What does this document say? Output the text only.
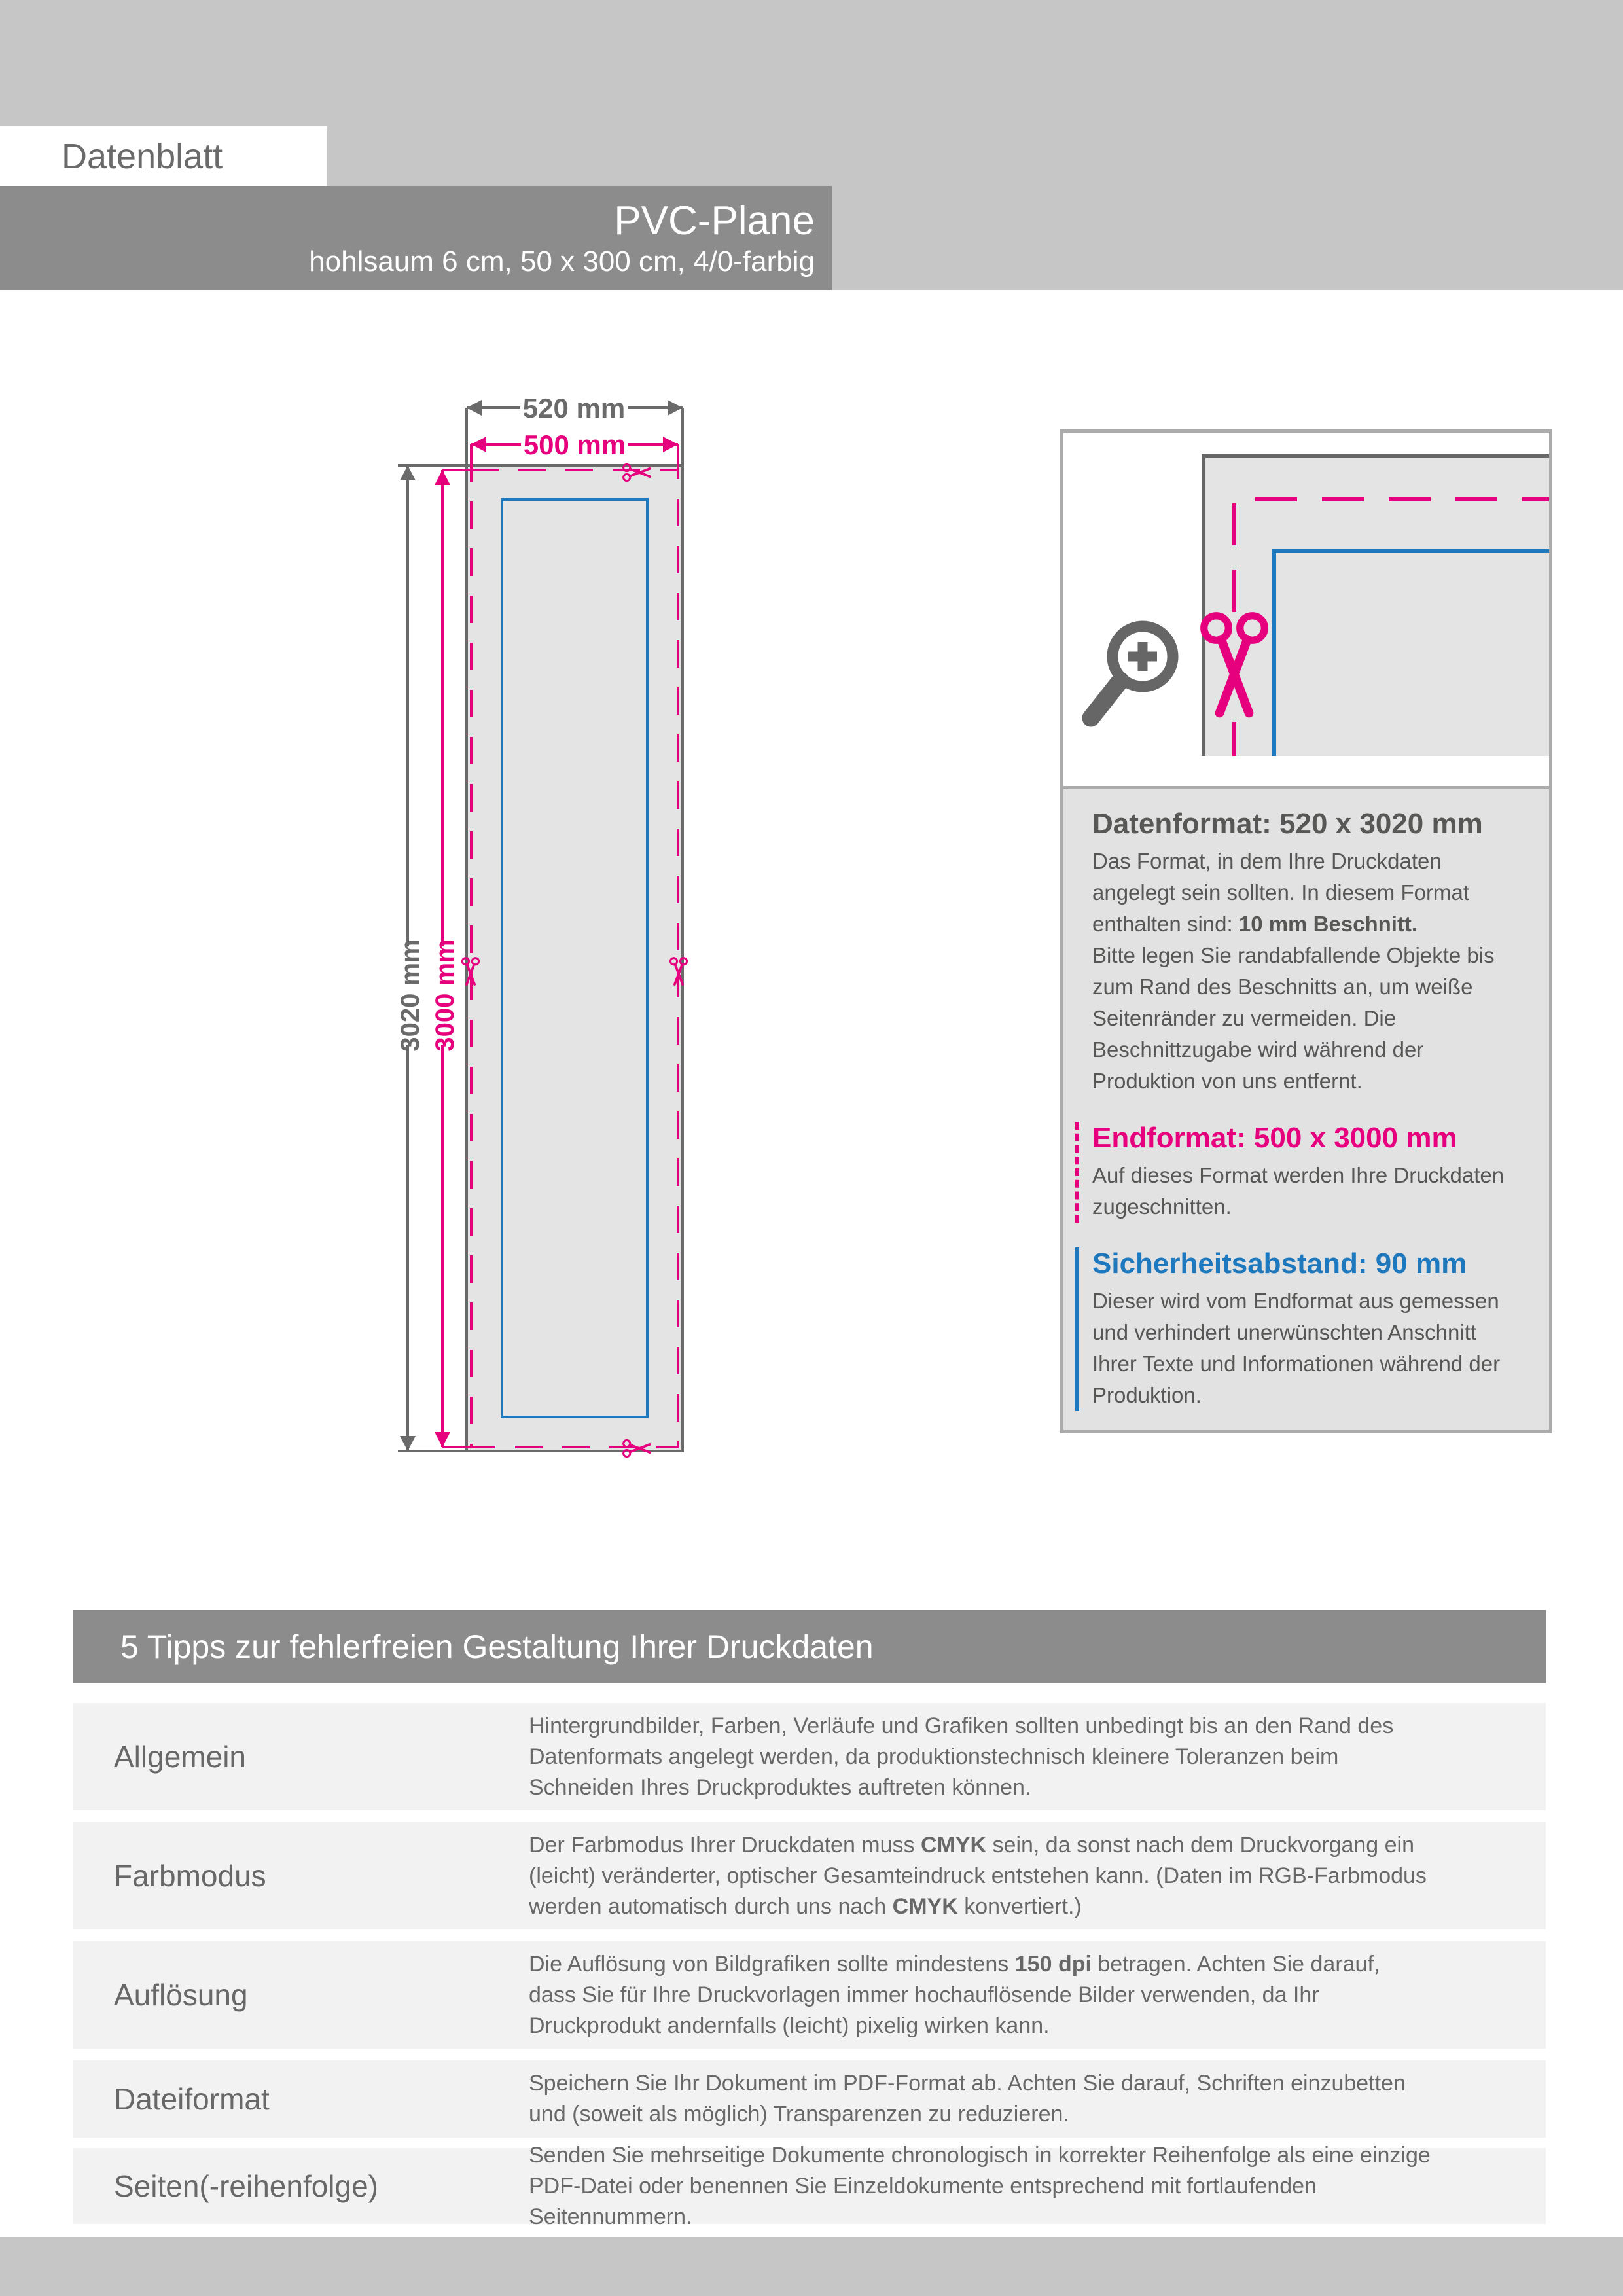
Datenblatt
PVC-Plane
hohlsaum 6 cm, 50 x 300 cm, 4/0-farbig
520 mm
500 mm
3020 mm 3000 mm
Datenformat: 520 x 3020 mm

Das Format, in dem Ihre Druckdaten angelegt sein sollten. In diesem Format enthalten sind: 10 mm Beschnitt.

Bitte legen Sie randabfallende Objekte bis zum Rand des Beschnitts an, um weiße Seitenränder zu vermeiden. Die Beschnittzugabe wird während der Produktion von uns entfernt.

Endformat: 500 x 3000 mm

Auf dieses Format werden Ihre Druckdaten zugeschnitten.

Sicherheitsabstand: 90 mm

Dieser wird vom Endformat aus gemessen und verhindert unerwünschten Anschnitt Ihrer Texte und Informationen während der Produktion.

5 Tipps zur fehlerfreien Gestaltung Ihrer Druckdaten
Allgemein
Hintergrundbilder, Farben, Verläufe und Grafiken sollten unbedingt bis an den Rand des Datenformats angelegt werden, da produktionstechnisch kleinere Toleranzen beim Schneiden Ihres Druckproduktes auftreten können.
Farbmodus
Der Farbmodus Ihrer Druckdaten muss CMYK sein, da sonst nach dem Druckvorgang ein (leicht) veränderter, optischer Gesamteindruck entstehen kann. (Daten im RGB-Farbmodus werden automatisch durch uns nach CMYK konvertiert.)
Auflösung
Die Auflösung von Bildgrafiken sollte mindestens 150 dpi betragen. Achten Sie darauf, dass Sie für Ihre Druckvorlagen immer hochauflösende Bilder verwenden, da Ihr Druckprodukt andernfalls (leicht) pixelig wirken kann.
Dateiformat	Speichern Sie Ihr Dokument im PDF-Format ab. Achten Sie darauf, Schriften einzubetten und (soweit als möglich) Transparenzen zu reduzieren.
Seiten(-reihenfolge)
Senden Sie mehrseitige Dokumente chronologisch in korrekter Reihenfolge als eine einzige PDF-Datei oder benennen Sie Einzeldokumente entsprechend mit fortlaufenden Seitennummern.
